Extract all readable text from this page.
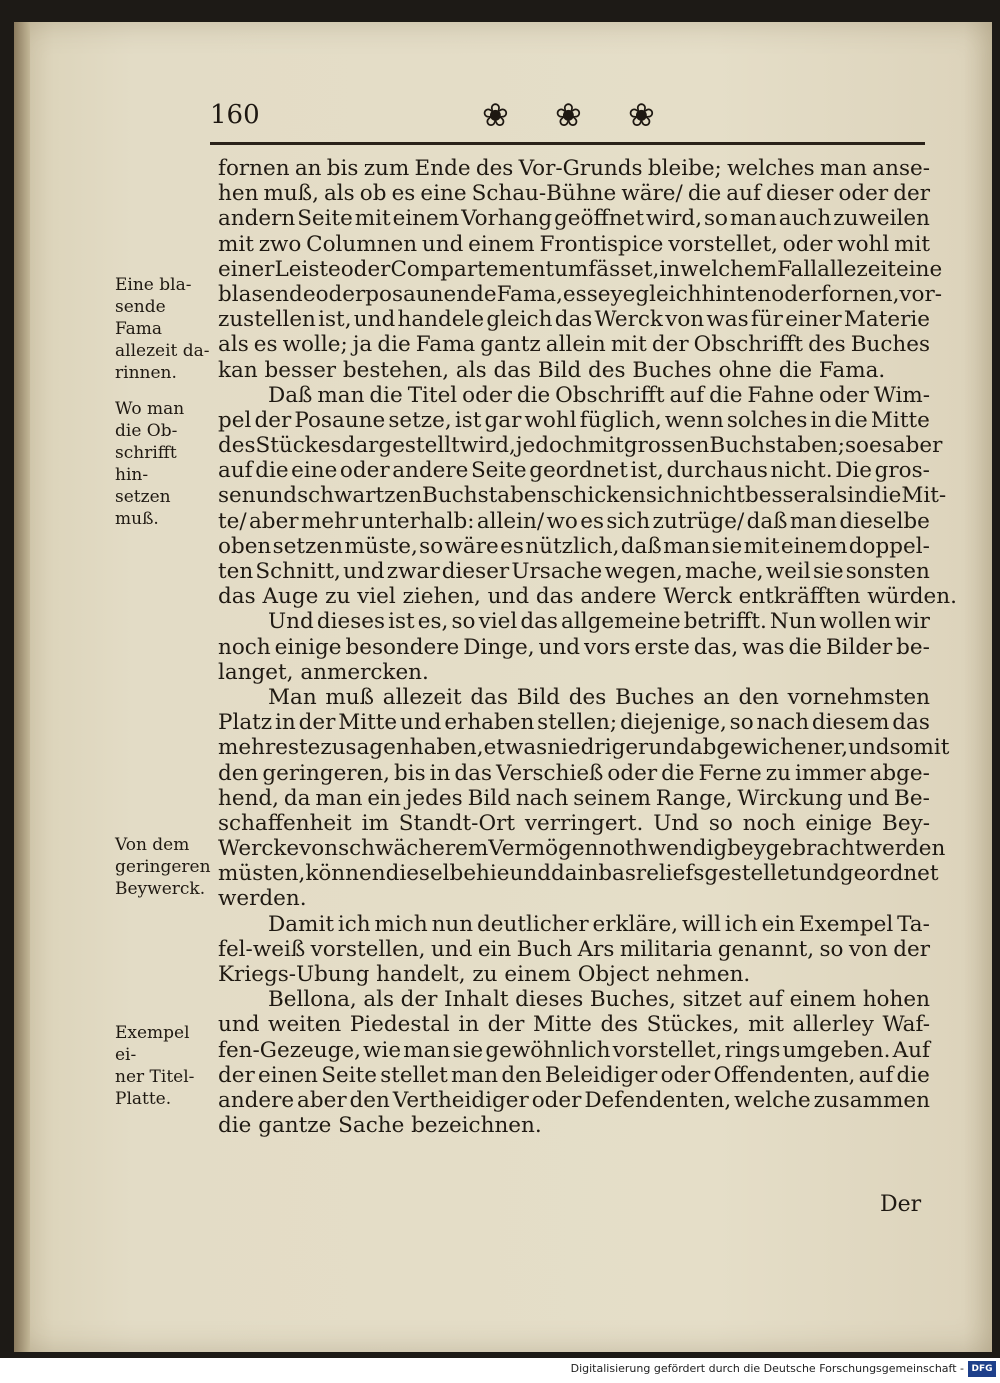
160	❀ ❀ ❀
Eine bla-
sende Fama
allezeit da-
rinnen.
Wo man
die Ob-
schrifft hin-
setzen muß.
Von dem
geringeren
Beywerck.
Exempel ei-
ner Titel-
Platte.
fornen an bis zum Ende des Vor-Grunds bleibe; welches man anse-
hen muß, als ob es eine Schau-Bühne wäre/ die auf dieser oder der
andern Seite mit einem Vorhang geöffnet wird, so man auch zuweilen
mit zwo Columnen und einem Frontispice vorstellet, oder wohl mit
einer Leiste oder Compartement umfässet, in welchem Fall allezeit eine
blasende oder posaunende Fama, es seye gleich hinten oder fornen, vor-
zustellen ist, und handele gleich das Werck von was für einer Materie
als es wolle; ja die Fama gantz allein mit der Obschrifft des Buches
kan besser bestehen, als das Bild des Buches ohne die Fama.
Daß man die Titel oder die Obschrifft auf die Fahne oder Wim-
pel der Posaune setze, ist gar wohl füglich, wenn solches in die Mitte
des Stückes dargestellt wird, jedoch mit grossen Buchstaben; so es aber
auf die eine oder andere Seite geordnet ist, durchaus nicht. Die gros-
sen und schwartzen Buchstaben schicken sich nicht besser als in die Mit-
te/ aber mehr unterhalb: allein/ wo es sich zutrüge/ daß man dieselbe
oben setzen müste, so wäre es nützlich, daß man sie mit einem doppel-
ten Schnitt, und zwar dieser Ursache wegen, mache, weil sie sonsten
das Auge zu viel ziehen, und das andere Werck entkräfften würden.
Und dieses ist es, so viel das allgemeine betrifft. Nun wollen wir
noch einige besondere Dinge, und vors erste das, was die Bilder be-
langet, anmercken.
Man muß allezeit das Bild des Buches an den vornehmsten
Platz in der Mitte und erhaben stellen; diejenige, so nach diesem das
mehreste zu sagen haben, etwas niedriger und abgewichener, und so mit
den geringeren, bis in das Verschieß oder die Ferne zu immer abge-
hend, da man ein jedes Bild nach seinem Range, Wirckung und Be-
schaffenheit im Standt-Ort verringert. Und so noch einige Bey-
Wercke von schwächerem Vermögen nothwendig beygebracht werden
müsten, können dieselbe hie und da in basreliefs gestellet und geordnet
werden.
Damit ich mich nun deutlicher erkläre, will ich ein Exempel Ta-
fel-weiß vorstellen, und ein Buch Ars militaria genannt, so von der
Kriegs-Ubung handelt, zu einem Object nehmen.
Bellona, als der Inhalt dieses Buches, sitzet auf einem hohen
und weiten Piedestal in der Mitte des Stückes, mit allerley Waf-
fen-Gezeuge, wie man sie gewöhnlich vorstellet, rings umgeben. Auf
der einen Seite stellet man den Beleidiger oder Offendenten, auf die
andere aber den Vertheidiger oder Defendenten, welche zusammen
die gantze Sache bezeichnen.
Der
Digitalisierung gefördert durch die Deutsche Forschungsgemeinschaft - DFG
